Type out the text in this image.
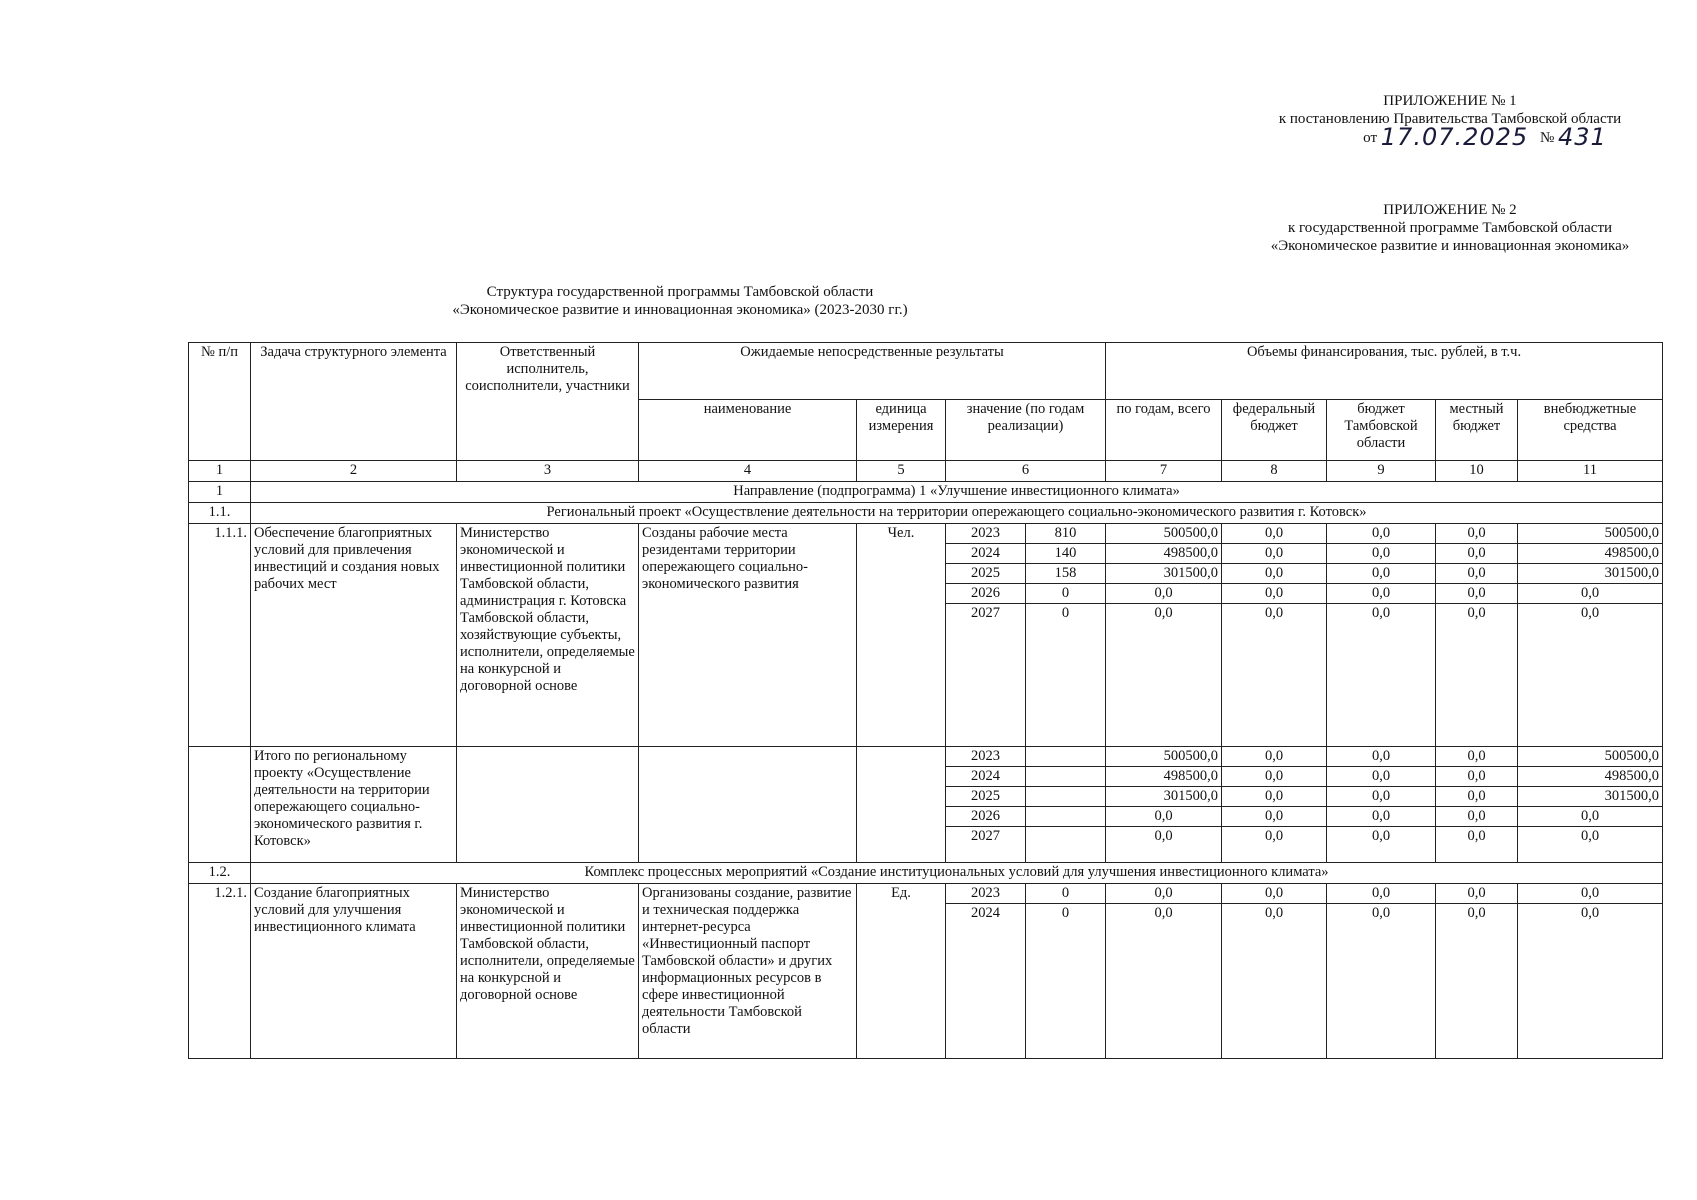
ПРИЛОЖЕНИЕ № 1
к постановлению Правительства Тамбовской области
от 17.07.2025 № 431
ПРИЛОЖЕНИЕ № 2
к государственной программе Тамбовской области
«Экономическое развитие и инновационная экономика»
Структура государственной программы Тамбовской области
«Экономическое развитие и инновационная экономика» (2023-2030 гг.)
№ п/п	Задача структурного элемента	Ответственный исполнитель, соисполнители, участники	Ожидаемые непосредственные результаты				Объемы финансирования, тыс. рублей, в т.ч.				
			наименование	единица измерения	значение (по годам реализации)		по годам, всего	федеральный бюджет	бюджет Тамбовской области	местный бюджет	внебюджетные средства
1	2	3	4	5	6		7	8	9	10	11
1	Направление (подпрограмма) 1 «Улучшение инвестиционного климата»										
1.1.	Региональный проект «Осуществление деятельности на территории опережающего социально-экономического развития г. Котовск»										
1.1.1.	Обеспечение благоприятных условий для привлечения инвестиций и создания новых рабочих мест	Министерство экономической и инвестиционной политики Тамбовской области, администрация г. Котовска Тамбовской области, хозяйствующие субъекты, исполнители, определяемые на конкурсной и договорной основе	Созданы рабочие места резидентами территории опережающего социально-экономического развития	Чел.	2023	810	500500,0	0,0	0,0	0,0	500500,0
					2024	140	498500,0	0,0	0,0	0,0	498500,0
					2025	158	301500,0	0,0	0,0	0,0	301500,0
					2026	0	0,0	0,0	0,0	0,0	0,0
					2027	0	0,0	0,0	0,0	0,0	0,0
	Итого по региональному проекту «Осуществление деятельности на территории опережающего социально-экономического развития г. Котовск»				2023		500500,0	0,0	0,0	0,0	500500,0
					2024		498500,0	0,0	0,0	0,0	498500,0
					2025		301500,0	0,0	0,0	0,0	301500,0
					2026		0,0	0,0	0,0	0,0	0,0
					2027		0,0	0,0	0,0	0,0	0,0
1.2.	Комплекс процессных мероприятий «Создание институциональных условий для улучшения инвестиционного климата»										
1.2.1.	Создание благоприятных условий для улучшения инвестиционного климата	Министерство экономической и инвестиционной политики Тамбовской области, исполнители, определяемые на конкурсной и договорной основе	Организованы создание, развитие и техническая поддержка интернет-ресурса «Инвестиционный паспорт Тамбовской области» и других информационных ресурсов в сфере инвестиционной деятельности Тамбовской области	Ед.	2023	0	0,0	0,0	0,0	0,0	0,0
					2024	0	0,0	0,0	0,0	0,0	0,0
